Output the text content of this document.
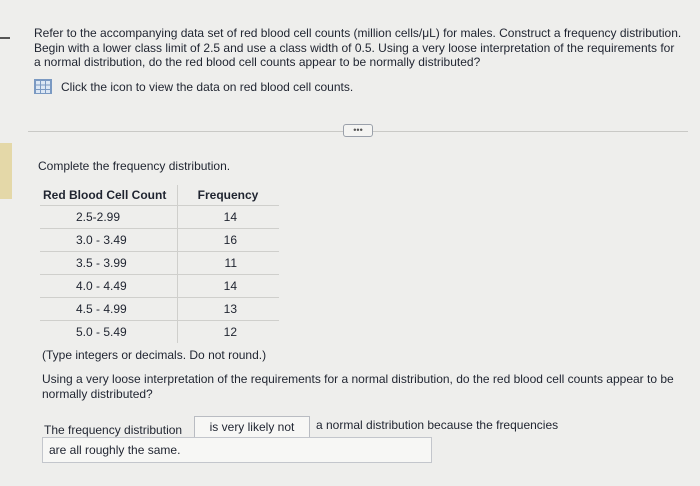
Refer to the accompanying data set of red blood cell counts (million cells/μL) for males. Construct a frequency distribution. Begin with a lower class limit of 2.5 and use a class width of 0.5. Using a very loose interpretation of the requirements for a normal distribution, do the red blood cell counts appear to be normally distributed?
Click the icon to view the data on red blood cell counts.
•••
Complete the frequency distribution.
Red Blood Cell Count	Frequency
2.5-2.99	14
3.0 - 3.49	16
3.5 - 3.99	11
4.0 - 4.49	14
4.5 - 4.99	13
5.0 - 5.49	12
(Type integers or decimals. Do not round.)
Using a very loose interpretation of the requirements for a normal distribution, do the red blood cell counts appear to be normally distributed?
The frequency distribution	is very likely not	a normal distribution because the frequencies
are all roughly the same.
